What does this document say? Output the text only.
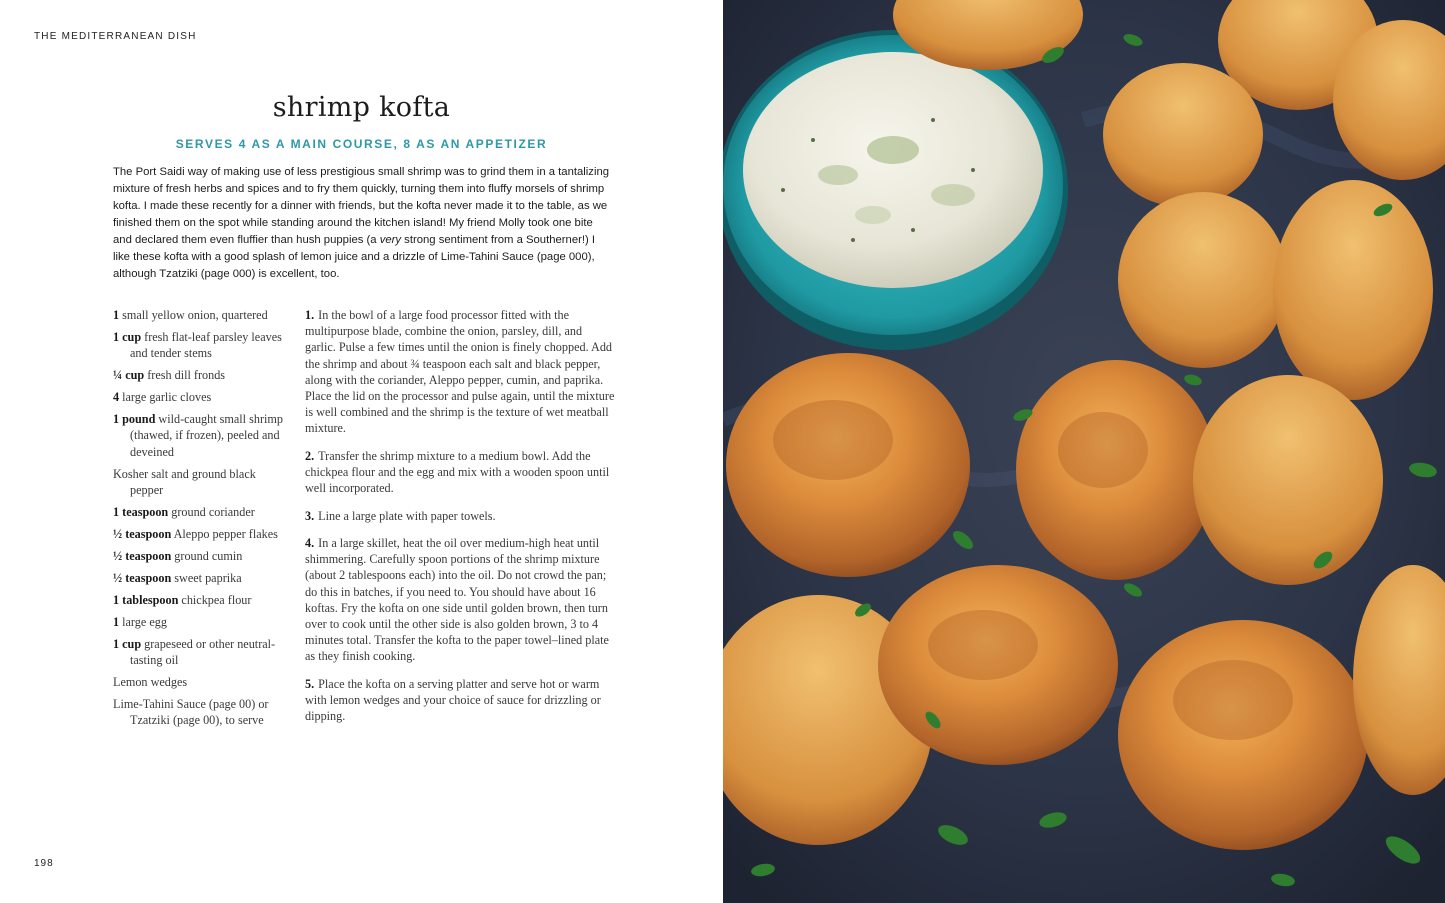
THE MEDITERRANEAN DISH
shrimp kofta
SERVES 4 AS A MAIN COURSE, 8 AS AN APPETIZER
The Port Saidi way of making use of less prestigious small shrimp was to grind them in a tantalizing mixture of fresh herbs and spices and to fry them quickly, turning them into fluffy morsels of shrimp kofta. I made these recently for a dinner with friends, but the kofta never made it to the table, as we finished them on the spot while standing around the kitchen island! My friend Molly took one bite and declared them even fluffier than hush puppies (a very strong sentiment from a Southerner!) I like these kofta with a good splash of lemon juice and a drizzle of Lime-Tahini Sauce (page 000), although Tzatziki (page 000) is excellent, too.
1 small yellow onion, quartered
1 cup fresh flat-leaf parsley leaves and tender stems
¼ cup fresh dill fronds
4 large garlic cloves
1 pound wild-caught small shrimp (thawed, if frozen), peeled and deveined
Kosher salt and ground black pepper
1 teaspoon ground coriander
½ teaspoon Aleppo pepper flakes
½ teaspoon ground cumin
½ teaspoon sweet paprika
1 tablespoon chickpea flour
1 large egg
1 cup grapeseed or other neutral-tasting oil
Lemon wedges
Lime-Tahini Sauce (page 00) or Tzatziki (page 00), to serve
1. In the bowl of a large food processor fitted with the multipurpose blade, combine the onion, parsley, dill, and garlic. Pulse a few times until the onion is finely chopped. Add the shrimp and about ¾ teaspoon each salt and black pepper, along with the coriander, Aleppo pepper, cumin, and paprika. Place the lid on the processor and pulse again, until the mixture is well combined and the shrimp is the texture of wet meatball mixture.
2. Transfer the shrimp mixture to a medium bowl. Add the chickpea flour and the egg and mix with a wooden spoon until well incorporated.
3. Line a large plate with paper towels.
4. In a large skillet, heat the oil over medium-high heat until shimmering. Carefully spoon portions of the shrimp mixture (about 2 tablespoons each) into the oil. Do not crowd the pan; do this in batches, if you need to. You should have about 16 koftas. Fry the kofta on one side until golden brown, then turn over to cook until the other side is also golden brown, 3 to 4 minutes total. Transfer the kofta to the paper towel–lined plate as they finish cooking.
5. Place the kofta on a serving platter and serve hot or warm with lemon wedges and your choice of sauce for drizzling or dipping.
198
